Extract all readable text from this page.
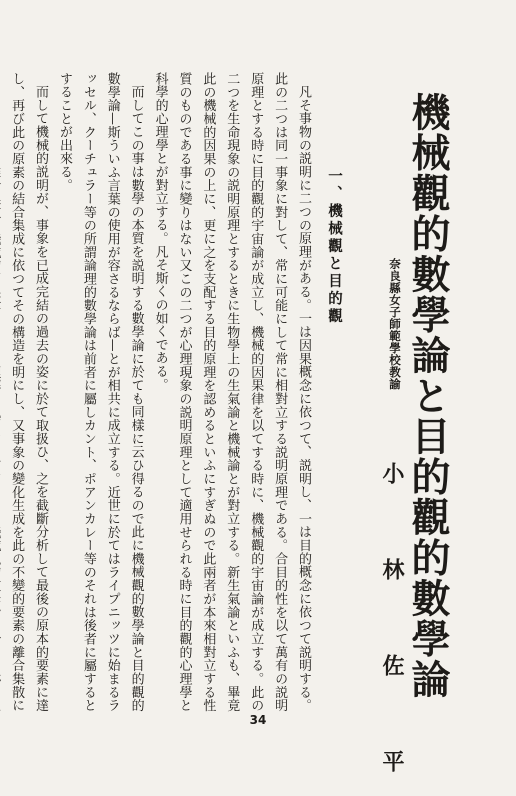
機械觀的數學論と目的觀的數學論
奈良縣女子師範學校教諭
小 林 佐 平
一、機械觀と目的觀

凡そ事物の説明に二つの原理がある。一は因果概念に依つて、説明し、一は目的概念に依つて説明する。此の二つは同一事象に對して、常に可能にして常に相對立する説明原理である。合目的性を以て萬有の説明原理とする時に目的觀的宇宙論が成立し、機械的因果律を以てする時に、機械觀的宇宙論が成立する。此の二つを生命現象の説明原理とするときに生物學上の生氣論と機械論とが對立する。新生氣論といふも、畢竟此の機械的因果の上に、更に之を支配する目的原理を認めるといふにすぎぬので此兩者が本來相對立する性質のものである事に變りはない又この二つが心理現象の説明原理として適用せられる時に目的觀的心理學と科學的心理學とが對立する。凡そ斯くの如くである。

而してこの事は數學の本質を説明する數學論に於ても同樣に云ひ得るので此に機械觀的數學論と目的觀的數學論—斯ういふ言葉の使用が容さるならば—とが相共に成立する。近世に於てはライプニッツに始まるラッセル、クーチュラー等の所謂論理的數學論は前者に屬しカント、ポアンカレー等のそれは後者に屬するとすることが出來る。

而して機械的説明が、事象を已成完結の過去の姿に於て取扱ひ、之を截斷分析して最後の原本的要素に達し、再び此の原素の結合集成に依つてその構造を明にし、又事象の變化生成を此の不變的要素の離合集散に

34
